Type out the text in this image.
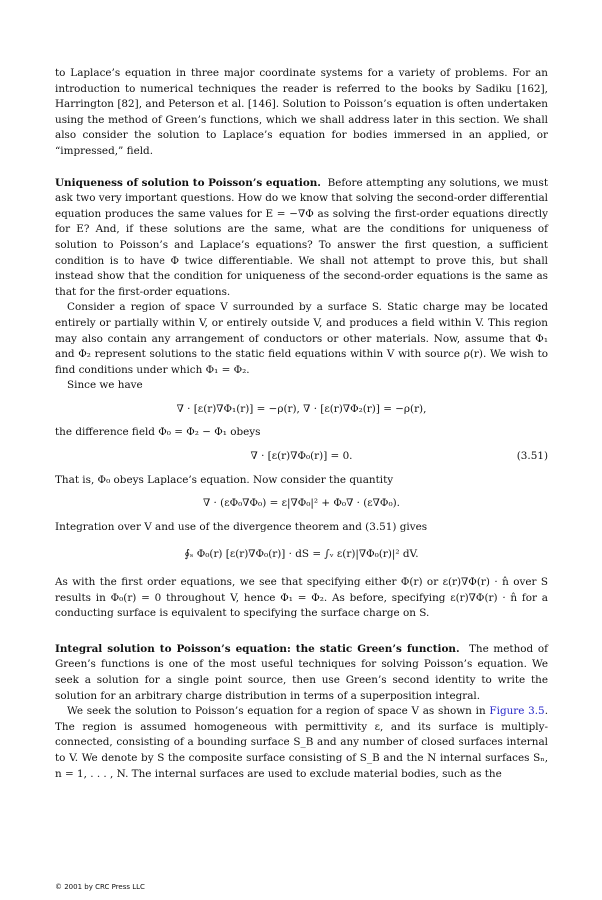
to Laplace’s equation in three major coordinate systems for a variety of problems. For an introduction to numerical techniques the reader is referred to the books by Sadiku [162], Harrington [82], and Peterson et al. [146]. Solution to Poisson’s equation is often undertaken using the method of Green’s functions, which we shall address later in this section. We shall also consider the solution to Laplace’s equation for bodies immersed in an applied, or “impressed,” field.

Uniqueness of solution to Poisson’s equation. Before attempting any solutions, we must ask two very important questions. How do we know that solving the second-order differential equation produces the same values for E = −∇Φ as solving the first-order equations directly for E? And, if these solutions are the same, what are the conditions for uniqueness of solution to Poisson’s and Laplace’s equations? To answer the first question, a sufficient condition is to have Φ twice differentiable. We shall not attempt to prove this, but shall instead show that the condition for uniqueness of the second-order equations is the same as that for the first-order equations.

Consider a region of space V surrounded by a surface S. Static charge may be located entirely or partially within V, or entirely outside V, and produces a field within V. This region may also contain any arrangement of conductors or other materials. Now, assume that Φ₁ and Φ₂ represent solutions to the static field equations within V with source ρ(r). We wish to find conditions under which Φ₁ = Φ₂.

Since we have

∇ · [ε(r)∇Φ₁(r)] = −ρ(r), ∇ · [ε(r)∇Φ₂(r)] = −ρ(r),

the difference field Φ₀ = Φ₂ − Φ₁ obeys

∇ · [ε(r)∇Φ₀(r)] = 0.	(3.51)

That is, Φ₀ obeys Laplace’s equation. Now consider the quantity

∇ · (εΦ₀∇Φ₀) = ε|∇Φ₀|² + Φ₀∇ · (ε∇Φ₀).

Integration over V and use of the divergence theorem and (3.51) gives

∮ₛ Φ₀(r) [ε(r)∇Φ₀(r)] · dS = ∫ᵥ ε(r)|∇Φ₀(r)|² dV.

As with the first order equations, we see that specifying either Φ(r) or ε(r)∇Φ(r) · n̂ over S results in Φ₀(r) = 0 throughout V, hence Φ₁ = Φ₂. As before, specifying ε(r)∇Φ(r) · n̂ for a conducting surface is equivalent to specifying the surface charge on S.

Integral solution to Poisson’s equation: the static Green’s function. The method of Green’s functions is one of the most useful techniques for solving Poisson’s equation. We seek a solution for a single point source, then use Green’s second identity to write the solution for an arbitrary charge distribution in terms of a superposition integral.

We seek the solution to Poisson’s equation for a region of space V as shown in Figure 3.5. The region is assumed homogeneous with permittivity ε, and its surface is multiply-connected, consisting of a bounding surface S_B and any number of closed surfaces internal to V. We denote by S the composite surface consisting of S_B and the N internal surfaces Sₙ, n = 1, . . . , N. The internal surfaces are used to exclude material bodies, such as the

© 2001 by CRC Press LLC
